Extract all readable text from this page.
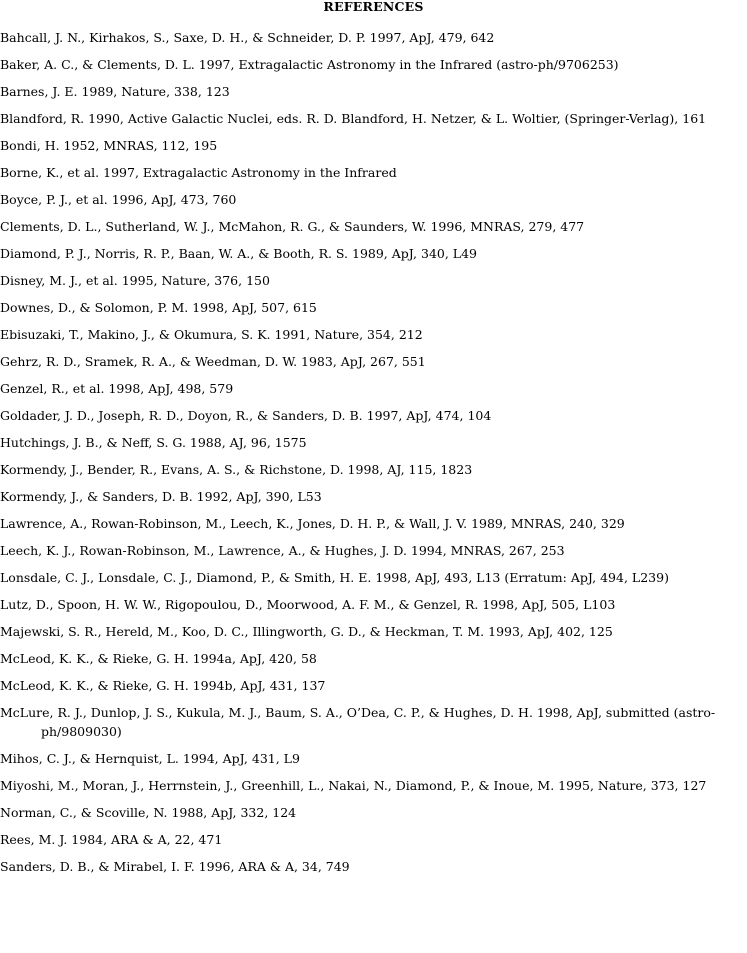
REFERENCES
Bahcall, J. N., Kirhakos, S., Saxe, D. H., & Schneider, D. P. 1997, ApJ, 479, 642
Baker, A. C., & Clements, D. L. 1997, Extragalactic Astronomy in the Infrared (astro-ph/9706253)
Barnes, J. E. 1989, Nature, 338, 123
Blandford, R. 1990, Active Galactic Nuclei, eds. R. D. Blandford, H. Netzer, & L. Woltier, (Springer-Verlag), 161
Bondi, H. 1952, MNRAS, 112, 195
Borne, K., et al. 1997, Extragalactic Astronomy in the Infrared
Boyce, P. J., et al. 1996, ApJ, 473, 760
Clements, D. L., Sutherland, W. J., McMahon, R. G., & Saunders, W. 1996, MNRAS, 279, 477
Diamond, P. J., Norris, R. P., Baan, W. A., & Booth, R. S. 1989, ApJ, 340, L49
Disney, M. J., et al. 1995, Nature, 376, 150
Downes, D., & Solomon, P. M. 1998, ApJ, 507, 615
Ebisuzaki, T., Makino, J., & Okumura, S. K. 1991, Nature, 354, 212
Gehrz, R. D., Sramek, R. A., & Weedman, D. W. 1983, ApJ, 267, 551
Genzel, R., et al. 1998, ApJ, 498, 579
Goldader, J. D., Joseph, R. D., Doyon, R., & Sanders, D. B. 1997, ApJ, 474, 104
Hutchings, J. B., & Neff, S. G. 1988, AJ, 96, 1575
Kormendy, J., Bender, R., Evans, A. S., & Richstone, D. 1998, AJ, 115, 1823
Kormendy, J., & Sanders, D. B. 1992, ApJ, 390, L53
Lawrence, A., Rowan-Robinson, M., Leech, K., Jones, D. H. P., & Wall, J. V. 1989, MNRAS, 240, 329
Leech, K. J., Rowan-Robinson, M., Lawrence, A., & Hughes, J. D. 1994, MNRAS, 267, 253
Lonsdale, C. J., Lonsdale, C. J., Diamond, P., & Smith, H. E. 1998, ApJ, 493, L13 (Erratum: ApJ, 494, L239)
Lutz, D., Spoon, H. W. W., Rigopoulou, D., Moorwood, A. F. M., & Genzel, R. 1998, ApJ, 505, L103
Majewski, S. R., Hereld, M., Koo, D. C., Illingworth, G. D., & Heckman, T. M. 1993, ApJ, 402, 125
McLeod, K. K., & Rieke, G. H. 1994a, ApJ, 420, 58
McLeod, K. K., & Rieke, G. H. 1994b, ApJ, 431, 137
McLure, R. J., Dunlop, J. S., Kukula, M. J., Baum, S. A., O’Dea, C. P., & Hughes, D. H. 1998, ApJ, submitted (astro-ph/9809030)
Mihos, C. J., & Hernquist, L. 1994, ApJ, 431, L9
Miyoshi, M., Moran, J., Herrnstein, J., Greenhill, L., Nakai, N., Diamond, P., & Inoue, M. 1995, Nature, 373, 127
Norman, C., & Scoville, N. 1988, ApJ, 332, 124
Rees, M. J. 1984, ARA & A, 22, 471
Sanders, D. B., & Mirabel, I. F. 1996, ARA & A, 34, 749
